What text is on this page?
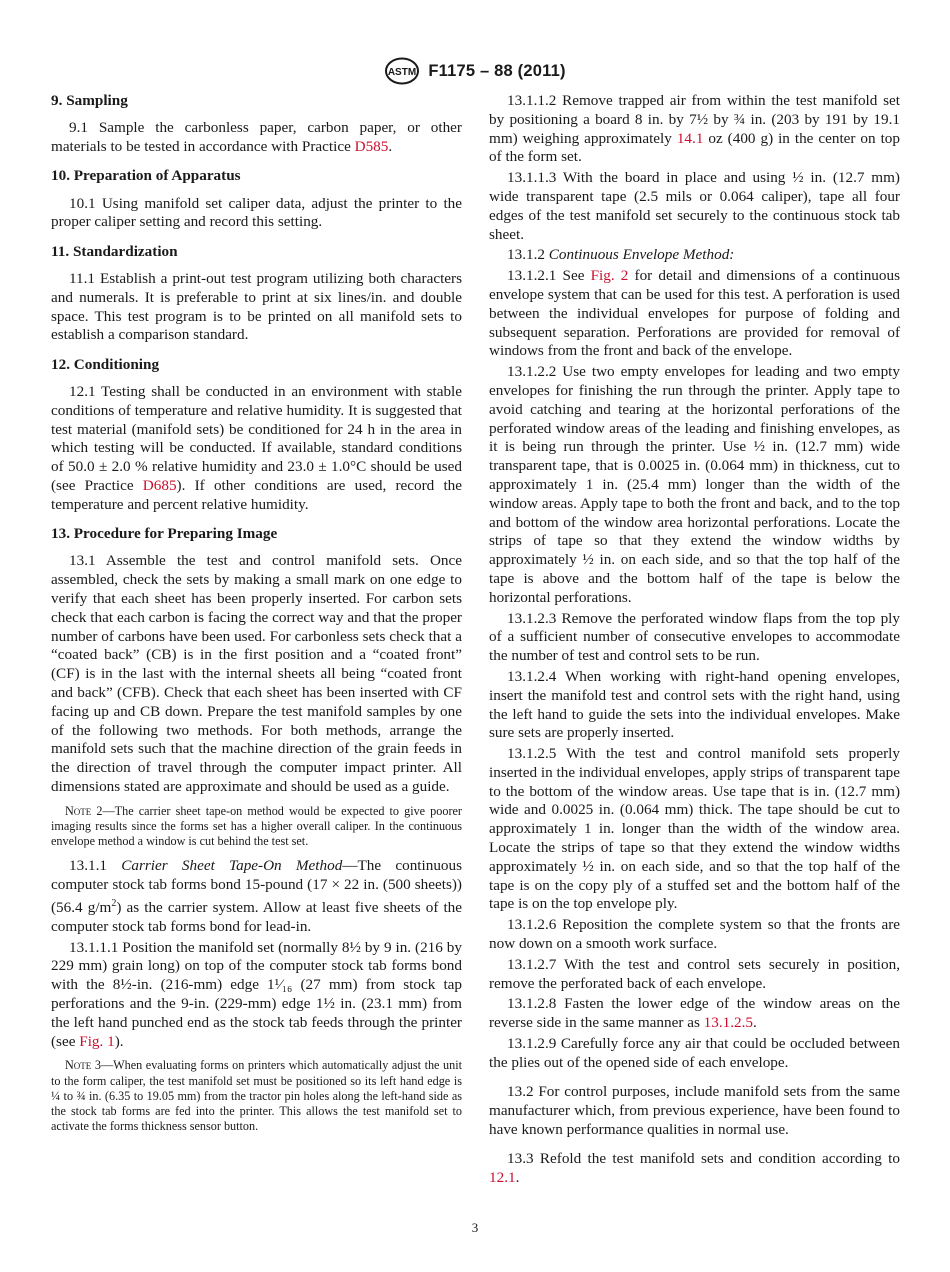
ASTM F1175 – 88 (2011)
9. Sampling

9.1 Sample the carbonless paper, carbon paper, or other materials to be tested in accordance with Practice D585.

10. Preparation of Apparatus

10.1 Using manifold set caliper data, adjust the printer to the proper caliper setting and record this setting.

11. Standardization

11.1 Establish a print-out test program utilizing both characters and numerals. It is preferable to print at six lines/in. and double space. This test program is to be printed on all manifold sets to establish a comparison standard.

12. Conditioning

12.1 Testing shall be conducted in an environment with stable conditions of temperature and relative humidity. It is suggested that test material (manifold sets) be conditioned for 24 h in the area in which testing will be conducted. If available, standard conditions of 50.0 ± 2.0 % relative humidity and 23.0 ± 1.0°C should be used (see Practice D685). If other conditions are used, record the temperature and percent relative humidity.

13. Procedure for Preparing Image

13.1 Assemble the test and control manifold sets. Once assembled, check the sets by making a small mark on one edge to verify that each sheet has been properly inserted. For carbon sets check that each carbon is facing the correct way and that the proper number of carbons have been used. For carbonless sets check that a “coated back” (CB) is in the first position and a “coated front” (CF) is in the last with the internal sheets all being “coated front and back” (CFB). Check that each sheet has been inserted with CF facing up and CB down. Prepare the test manifold samples by one of the following two methods. For both methods, arrange the manifold sets such that the machine direction of the grain feeds in the direction of travel through the computer impact printer. All dimensions stated are approximate and should be used as a guide.

Note 2—The carrier sheet tape-on method would be expected to give poorer imaging results since the forms set has a higher overall caliper. In the continuous envelope method a window is cut behind the test set.

13.1.1 Carrier Sheet Tape-On Method—The continuous computer stock tab forms bond 15-pound (17 × 22 in. (500 sheets)) (56.4 $g/m^2$) as the carrier system. Allow at least five sheets of the computer stock tab forms bond for lead-in.

13.1.1.1 Position the manifold set (normally 8½ by 9 in. (216 by 229 mm) grain long) on top of the computer stock tab forms bond with the 8½-in. (216-mm) edge 1¹⁄₁₆ (27 mm) from stock tap perforations and the 9-in. (229-mm) edge 1½ in. (23.1 mm) from the left hand punched end as the stock tab feeds through the printer (see Fig. 1).

Note 3—When evaluating forms on printers which automatically adjust the unit to the form caliper, the test manifold set must be positioned so its left hand edge is ¼ to ¾ in. (6.35 to 19.05 mm) from the tractor pin holes along the left-hand side as the stock tab forms are fed into the printer. This allows the test manifold set to activate the forms thickness sensor button.

13.1.1.2 Remove trapped air from within the test manifold set by positioning a board 8 in. by 7½ by ¾ in. (203 by 191 by 19.1 mm) weighing approximately 14.1 oz (400 g) in the center on top of the form set.

13.1.1.3 With the board in place and using ½ in. (12.7 mm) wide transparent tape (2.5 mils or 0.064 caliper), tape all four edges of the test manifold set securely to the continuous stock tab sheet.

13.1.2 Continuous Envelope Method:

13.1.2.1 See Fig. 2 for detail and dimensions of a continuous envelope system that can be used for this test. A perforation is used between the individual envelopes for purpose of folding and subsequent separation. Perforations are provided for removal of windows from the front and back of the envelope.

13.1.2.2 Use two empty envelopes for leading and two empty envelopes for finishing the run through the printer. Apply tape to avoid catching and tearing at the horizontal perforations of the perforated window areas of the leading and finishing envelopes, as it is being run through the printer. Use ½ in. (12.7 mm) wide transparent tape, that is 0.0025 in. (0.064 mm) in thickness, cut to approximately 1 in. (25.4 mm) longer than the width of the window areas. Apply tape to both the front and back, and to the top and bottom of the window area horizontal perforations. Locate the strips of tape so that they extend the window widths by approximately ½ in. on each side, and so that the top half of the tape is above and the bottom half of the tape is below the horizontal perforations.

13.1.2.3 Remove the perforated window flaps from the top ply of a sufficient number of consecutive envelopes to accommodate the number of test and control sets to be run.

13.1.2.4 When working with right-hand opening envelopes, insert the manifold test and control sets with the right hand, using the left hand to guide the sets into the individual envelopes. Make sure sets are properly inserted.

13.1.2.5 With the test and control manifold sets properly inserted in the individual envelopes, apply strips of transparent tape to the bottom of the window areas. Use tape that is in. (12.7 mm) wide and 0.0025 in. (0.064 mm) thick. The tape should be cut to approximately 1 in. longer than the width of the window area. Locate the strips of tape so that they extend the window widths approximately ½ in. on each side, and so that the top half of the tape is on the copy ply of a stuffed set and the bottom half of the tape is on the top envelope ply.

13.1.2.6 Reposition the complete system so that the fronts are now down on a smooth work surface.

13.1.2.7 With the test and control sets securely in position, remove the perforated back of each envelope.

13.1.2.8 Fasten the lower edge of the window areas on the reverse side in the same manner as 13.1.2.5.

13.1.2.9 Carefully force any air that could be occluded between the plies out of the opened side of each envelope.

13.2 For control purposes, include manifold sets from the same manufacturer which, from previous experience, have been found to have known performance qualities in normal use.

13.3 Refold the test manifold sets and condition according to 12.1.

3
